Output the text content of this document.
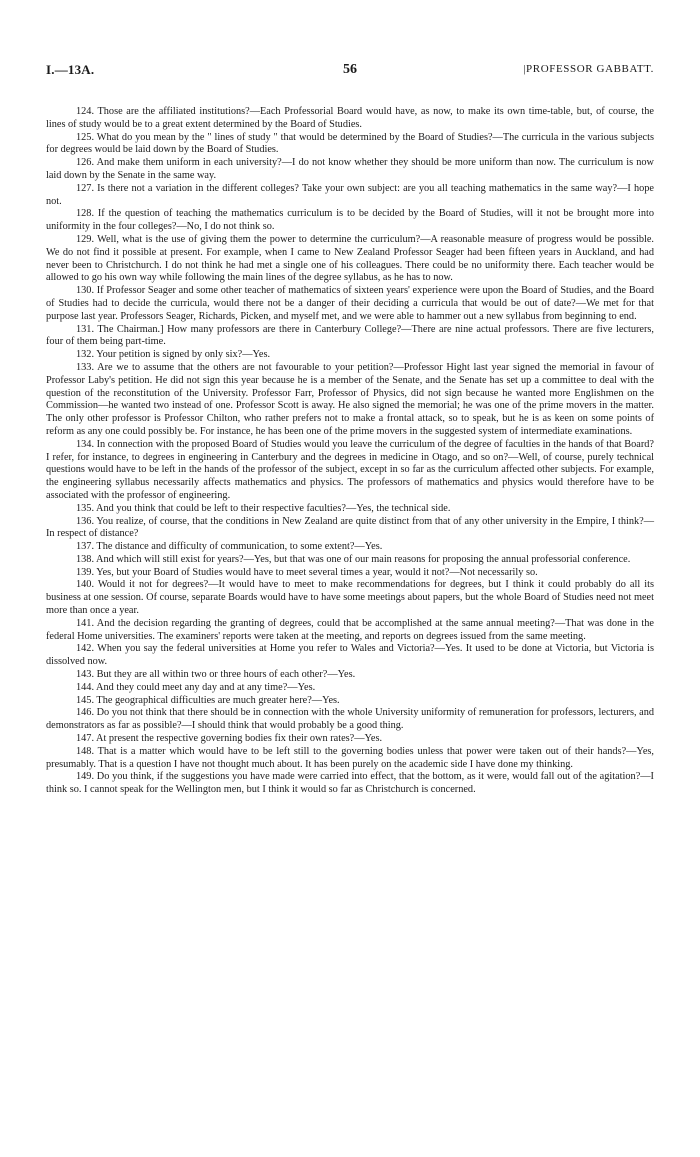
I.—13A.	56	|PROFESSOR GABBATT.

124. Those are the affiliated institutions?—Each Professorial Board would have, as now, to make its own time-table, but, of course, the lines of study would be to a great extent determined by the Board of Studies.

125. What do you mean by the " lines of study " that would be determined by the Board of Studies?—The curricula in the various subjects for degrees would be laid down by the Board of Studies.

126. And make them uniform in each university?—I do not know whether they should be more uniform than now. The curriculum is now laid down by the Senate in the same way.

127. Is there not a variation in the different colleges? Take your own subject: are you all teaching mathematics in the same way?—I hope not.

128. If the question of teaching the mathematics curriculum is to be decided by the Board of Studies, will it not be brought more into uniformity in the four colleges?—No, I do not think so.

129. Well, what is the use of giving them the power to determine the curriculum?—A reasonable measure of progress would be possible. We do not find it possible at present. For example, when I came to New Zealand Professor Seager had been fifteen years in Auckland, and had never been to Christchurch. I do not think he had met a single one of his colleagues. There could be no uniformity there. Each teacher would be allowed to go his own way while following the main lines of the degree syllabus, as he has to now.

130. If Professor Seager and some other teacher of mathematics of sixteen years' experience were upon the Board of Studies, and the Board of Studies had to decide the curricula, would there not be a danger of their deciding a curricula that would be out of date?—We met for that purpose last year. Professors Seager, Richards, Picken, and myself met, and we were able to hammer out a new syllabus from beginning to end.

131. The Chairman.] How many professors are there in Canterbury College?—There are nine actual professors. There are five lecturers, four of them being part-time.

132. Your petition is signed by only six?—Yes.

133. Are we to assume that the others are not favourable to your petition?—Professor Hight last year signed the memorial in favour of Professor Laby's petition. He did not sign this year because he is a member of the Senate, and the Senate has set up a committee to deal with the question of the reconstitution of the University. Professor Farr, Professor of Physics, did not sign because he wanted more Englishmen on the Commission—he wanted two instead of one. Professor Scott is away. He also signed the memorial; he was one of the prime movers in the matter. The only other professor is Professor Chilton, who rather prefers not to make a frontal attack, so to speak, but he is as keen on some points of reform as any one could possibly be. For instance, he has been one of the prime movers in the suggested system of intermediate examinations.

134. In connection with the proposed Board of Studies would you leave the curriculum of the degree of faculties in the hands of that Board? I refer, for instance, to degrees in engineering in Canterbury and the degrees in medicine in Otago, and so on?—Well, of course, purely technical questions would have to be left in the hands of the professor of the subject, except in so far as the curriculum affected other subjects. For example, the engineering syllabus necessarily affects mathematics and physics. The professors of mathematics and physics would therefore have to be associated with the professor of engineering.

135. And you think that could be left to their respective faculties?—Yes, the technical side.

136. You realize, of course, that the conditions in New Zealand are quite distinct from that of any other university in the Empire, I think?—In respect of distance?

137. The distance and difficulty of communication, to some extent?—Yes.

138. And which will still exist for years?—Yes, but that was one of our main reasons for proposing the annual professorial conference.

139. Yes, but your Board of Studies would have to meet several times a year, would it not?—Not necessarily so.

140. Would it not for degrees?—It would have to meet to make recommendations for degrees, but I think it could probably do all its business at one session. Of course, separate Boards would have to have some meetings about papers, but the whole Board of Studies need not meet more than once a year.

141. And the decision regarding the granting of degrees, could that be accomplished at the same annual meeting?—That was done in the federal Home universities. The examiners' reports were taken at the meeting, and reports on degrees issued from the same meeting.

142. When you say the federal universities at Home you refer to Wales and Victoria?—Yes. It used to be done at Victoria, but Victoria is dissolved now.

143. But they are all within two or three hours of each other?—Yes.

144. And they could meet any day and at any time?—Yes.

145. The geographical difficulties are much greater here?—Yes.

146. Do you not think that there should be in connection with the whole University uniformity of remuneration for professors, lecturers, and demonstrators as far as possible?—I should think that would probably be a good thing.

147. At present the respective governing bodies fix their own rates?—Yes.

148. That is a matter which would have to be left still to the governing bodies unless that power were taken out of their hands?—Yes, presumably. That is a question I have not thought much about. It has been purely on the academic side I have done my thinking.

149. Do you think, if the suggestions you have made were carried into effect, that the bottom, as it were, would fall out of the agitation?—I think so. I cannot speak for the Wellington men, but I think it would so far as Christchurch is concerned.
